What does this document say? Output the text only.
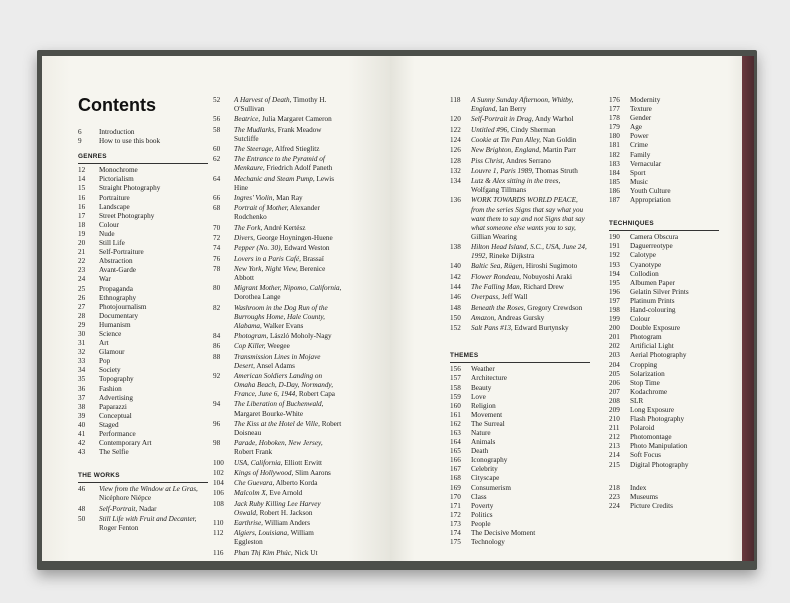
Contents
6	Introduction
9	How to use this book
GENRES
12	Monochrome
14	Pictorialism
15	Straight Photography
16	Portraiture
16	Landscape
17	Street Photography
18	Colour
19	Nude
20	Still Life
21	Self-Portraiture
22	Abstraction
23	Avant-Garde
24	War
25	Propaganda
26	Ethnography
27	Photojournalism
28	Documentary
29	Humanism
30	Science
31	Art
32	Glamour
33	Pop
34	Society
35	Topography
36	Fashion
37	Advertising
38	Paparazzi
39	Conceptual
40	Staged
41	Performance
42	Contemporary Art
43	The Selfie
THE WORKS
46	View from the Window at Le Gras, Nicéphore Niépce
48	Self-Portrait, Nadar
50	Still Life with Fruit and Decanter, Roger Fenton
52	A Harvest of Death, Timothy H. O'Sullivan
56	Beatrice, Julia Margaret Cameron
58	The Mudlarks, Frank Meadow Sutcliffe
60	The Steerage, Alfred Stieglitz
62	The Entrance to the Pyramid of Menkaure, Friedrich Adolf Paneth
64	Mechanic and Steam Pump, Lewis Hine
66	Ingres' Violin, Man Ray
68	Portrait of Mother, Alexander Rodchenko
70	The Fork, André Kertész
72	Divers, George Hoyningen-Huene
74	Pepper (No. 30), Edward Weston
76	Lovers in a Paris Café, Brassaï
78	New York, Night View, Berenice Abbott
80	Migrant Mother, Nipomo, California, Dorothea Lange
82	Washroom in the Dog Run of the Burroughs Home, Hale County, Alabama, Walker Evans
84	Photogram, László Moholy-Nagy
86	Cop Killer, Weegee
88	Transmission Lines in Mojave Desert, Ansel Adams
92	American Soldiers Landing on Omaha Beach, D-Day, Normandy, France, June 6, 1944, Robert Capa
94	The Liberation of Buchenwald, Margaret Bourke-White
96	The Kiss at the Hotel de Ville, Robert Doisneau
98	Parade, Hoboken, New Jersey, Robert Frank
100	USA, California, Elliott Erwitt
102	Kings of Hollywood, Slim Aarons
104	Che Guevara, Alberto Korda
106	Malcolm X, Eve Arnold
108	Jack Ruby Killing Lee Harvey Oswald, Robert H. Jackson
110	Earthrise, William Anders
112	Algiers, Louisiana, William Eggleston
116	Phan Thị Kim Phúc, Nick Ut
118	A Sunny Sunday Afternoon, Whitby, England, Ian Berry
120	Self-Portrait in Drag, Andy Warhol
122	Untitled #96, Cindy Sherman
124	Cookie at Tin Pan Alley, Nan Goldin
126	New Brighton, England, Martin Parr
128	Piss Christ, Andres Serrano
132	Louvre 1, Paris 1989, Thomas Struth
134	Lutz & Alex sitting in the trees, Wolfgang Tillmans
136	WORK TOWARDS WORLD PEACE, from the series Signs that say what you want them to say and not Signs that say what someone else wants you to say, Gillian Wearing
138	Hilton Head Island, S.C., USA, June 24, 1992, Rineke Dijkstra
140	Baltic Sea, Rügen, Hiroshi Sugimoto
142	Flower Rondeau, Nobuyoshi Araki
144	The Falling Man, Richard Drew
146	Overpass, Jeff Wall
148	Beneath the Roses, Gregory Crewdson
150	Amazon, Andreas Gursky
152	Salt Pans #13, Edward Burtynsky
THEMES
156	Weather
157	Architecture
158	Beauty
159	Love
160	Religion
161	Movement
162	The Surreal
163	Nature
164	Animals
165	Death
166	Iconography
167	Celebrity
168	Cityscape
169	Consumerism
170	Class
171	Poverty
172	Politics
173	People
174	The Decisive Moment
175	Technology
176	Modernity
177	Texture
178	Gender
179	Age
180	Power
181	Crime
182	Family
183	Vernacular
184	Sport
185	Music
186	Youth Culture
187	Appropriation
TECHNIQUES
190	Camera Obscura
191	Daguerreotype
192	Calotype
193	Cyanotype
194	Collodion
195	Albumen Paper
196	Gelatin Silver Prints
197	Platinum Prints
198	Hand-colouring
199	Colour
200	Double Exposure
201	Photogram
202	Artificial Light
203	Aerial Photography
204	Cropping
205	Solarization
206	Stop Time
207	Kodachrome
208	SLR
209	Long Exposure
210	Flash Photography
211	Polaroid
212	Photomontage
213	Photo Manipulation
214	Soft Focus
215	Digital Photography
218	Index
223	Museums
224	Picture Credits
